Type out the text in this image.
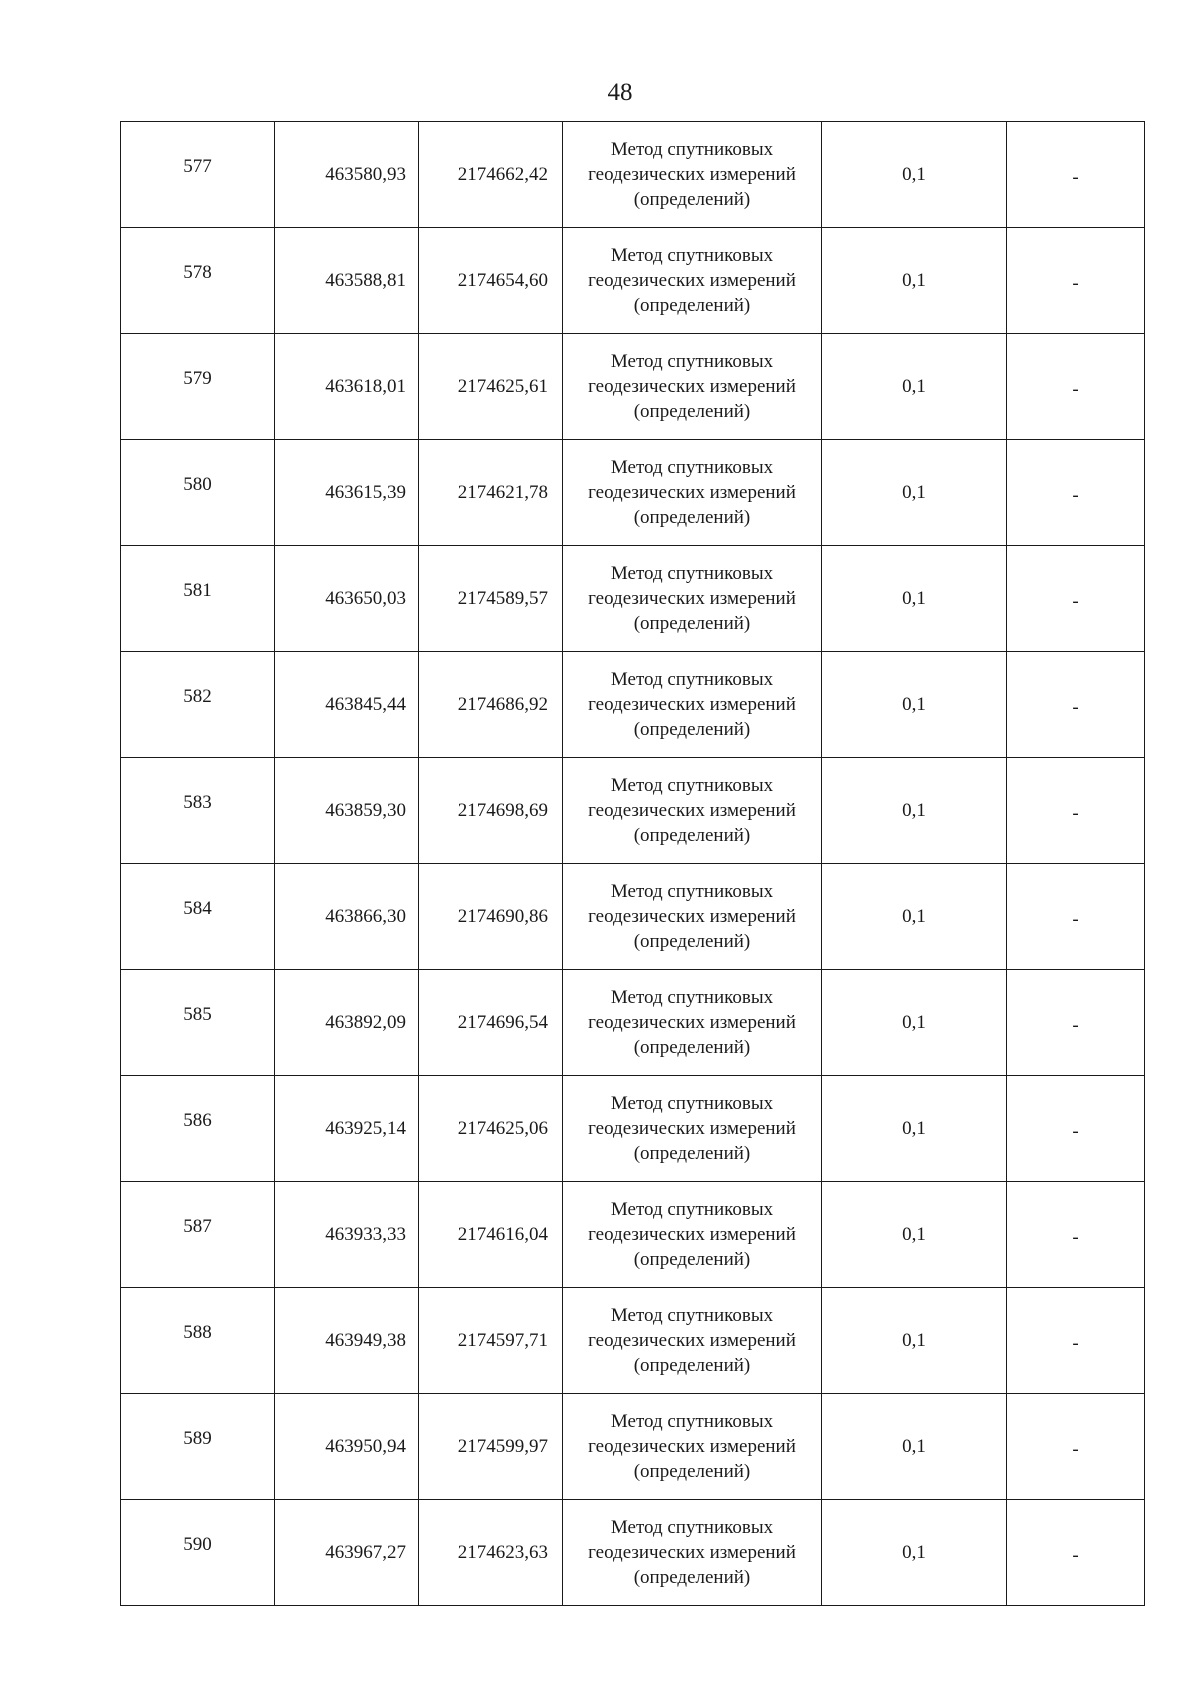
48
577	463580,93	2174662,42	Метод спутниковых
геодезических измерений
(определений)	0,1	-
578	463588,81	2174654,60	Метод спутниковых
геодезических измерений
(определений)	0,1	-
579	463618,01	2174625,61	Метод спутниковых
геодезических измерений
(определений)	0,1	-
580	463615,39	2174621,78	Метод спутниковых
геодезических измерений
(определений)	0,1	-
581	463650,03	2174589,57	Метод спутниковых
геодезических измерений
(определений)	0,1	-
582	463845,44	2174686,92	Метод спутниковых
геодезических измерений
(определений)	0,1	-
583	463859,30	2174698,69	Метод спутниковых
геодезических измерений
(определений)	0,1	-
584	463866,30	2174690,86	Метод спутниковых
геодезических измерений
(определений)	0,1	-
585	463892,09	2174696,54	Метод спутниковых
геодезических измерений
(определений)	0,1	-
586	463925,14	2174625,06	Метод спутниковых
геодезических измерений
(определений)	0,1	-
587	463933,33	2174616,04	Метод спутниковых
геодезических измерений
(определений)	0,1	-
588	463949,38	2174597,71	Метод спутниковых
геодезических измерений
(определений)	0,1	-
589	463950,94	2174599,97	Метод спутниковых
геодезических измерений
(определений)	0,1	-
590	463967,27	2174623,63	Метод спутниковых
геодезических измерений
(определений)	0,1	-
